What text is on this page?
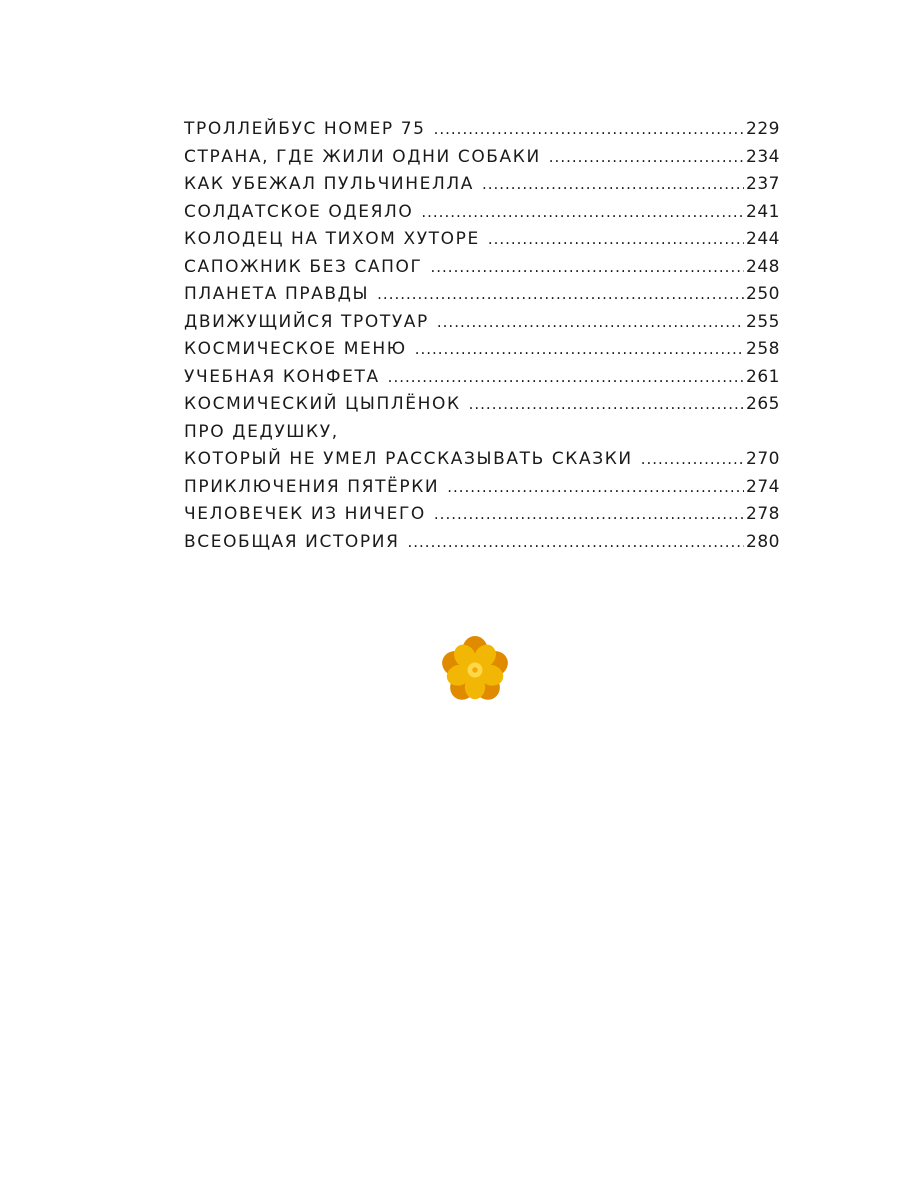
ТРОЛЛЕЙБУС НОМЕР 75 .....	229
СТРАНА, ГДЕ ЖИЛИ ОДНИ СОБАКИ .....	234
КАК УБЕЖАЛ ПУЛЬЧИНЕЛЛА .....	237
СОЛДАТСКОЕ ОДЕЯЛО .....	241
КОЛОДЕЦ НА ТИХОМ ХУТОРЕ .....	244
САПОЖНИК БЕЗ САПОГ .....	248
ПЛАНЕТА ПРАВДЫ .....	250
ДВИЖУЩИЙСЯ ТРОТУАР .....	255
КОСМИЧЕСКОЕ МЕНЮ .....	258
УЧЕБНАЯ КОНФЕТА .....	261
КОСМИЧЕСКИЙ ЦЫПЛЁНОК .....	265
ПРО ДЕДУШКУ,
КОТОРЫЙ НЕ УМЕЛ РАССКАЗЫВАТЬ СКАЗКИ .....	270
ПРИКЛЮЧЕНИЯ ПЯТЁРКИ .....	274
ЧЕЛОВЕЧЕК ИЗ НИЧЕГО .....	278
ВСЕОБЩАЯ ИСТОРИЯ .....	280
